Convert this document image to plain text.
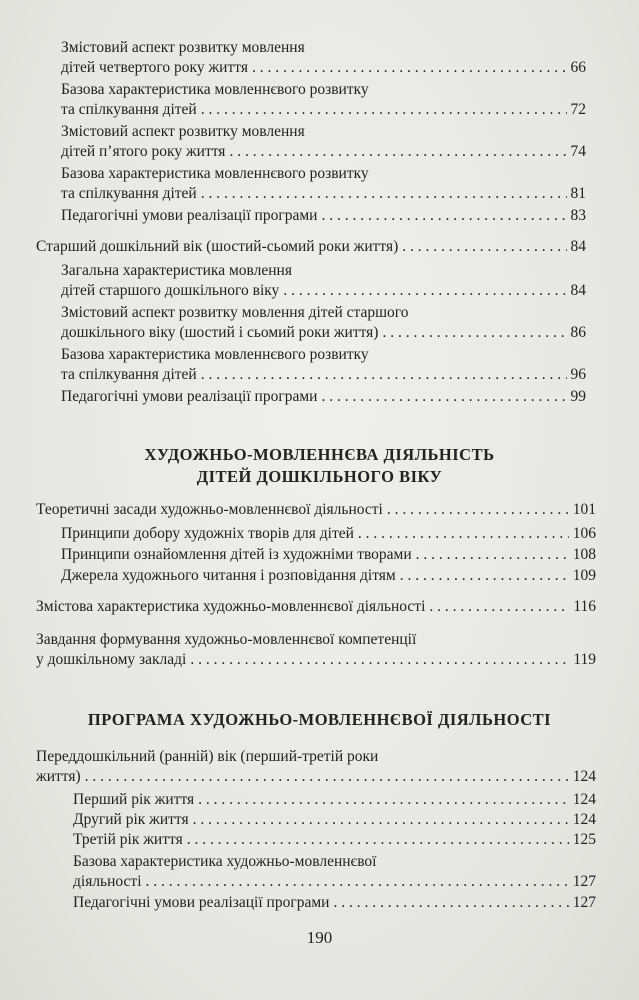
Змістовий аспект розвитку мовлення
дітей четвертого року життя . . .	66
Базова характеристика мовленнєвого розвитку
та спілкування дітей . . .	72
Змістовий аспект розвитку мовлення
дітей п’ятого року життя . . .	74
Базова характеристика мовленнєвого розвитку
та спілкування дітей . . .	81
Педагогічні умови реалізації програми . . .	83
Старший дошкільний вік (шостий-сьомий роки життя) . . .	84
Загальна характеристика мовлення
дітей старшого дошкільного віку . . .	84
Змістовий аспект розвитку мовлення дітей старшого
дошкільного віку (шостий і сьомий роки життя) . . .	86
Базова характеристика мовленнєвого розвитку
та спілкування дітей . . .	96
Педагогічні умови реалізації програми . . .	99
ХУДОЖНЬО-МОВЛЕННЄВА ДІЯЛЬНІСТЬ
ДІТЕЙ ДОШКІЛЬНОГО ВІКУ
Теоретичні засади художньо-мовленнєвої діяльності . . .	101
Принципи добору художніх творів для дітей . . .	106
Принципи ознайомлення дітей із художніми творами . . .	108
Джерела художнього читання і розповідання дітям . . .	109
Змістова характеристика художньо-мовленнєвої діяльності . . .	116
Завдання формування художньо-мовленнєвої компетенції
у дошкільному закладі . . .	119
ПРОГРАМА ХУДОЖНЬО-МОВЛЕННЄВОЇ ДІЯЛЬНОСТІ
Переддошкільний (ранній) вік (перший-третій роки
життя) . . .	124
Перший рік життя . . .	124
Другий рік життя . . .	124
Третій рік життя . . .	125
Базова характеристика художньо-мовленнєвої
діяльності . . .	127
Педагогічні умови реалізації програми . . .	127
190
